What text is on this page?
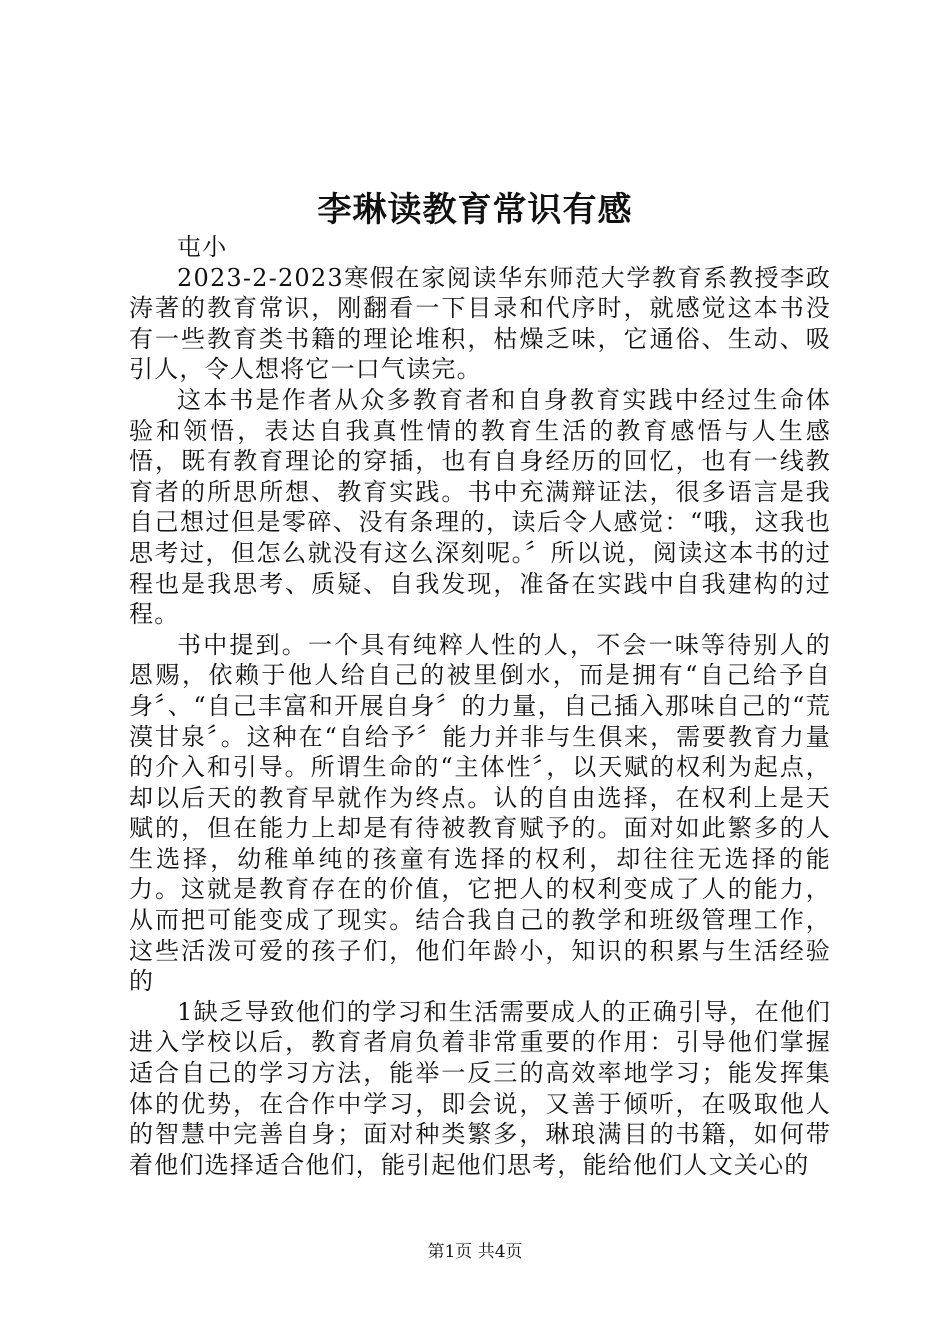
李琳读教育常识有感

屯小

2023-2-2023寒假在家阅读华东师范大学教育系教授李政涛著的教育常识，刚翻看一下目录和代序时，就感觉这本书没有一些教育类书籍的理论堆积，枯燥乏味，它通俗、生动、吸引人，令人想将它一口气读完。

这本书是作者从众多教育者和自身教育实践中经过生命体验和领悟，表达自我真性情的教育生活的教育感悟与人生感悟，既有教育理论的穿插，也有自身经历的回忆，也有一线教育者的所思所想、教育实践。书中充满辩证法，很多语言是我自己想过但是零碎、没有条理的，读后令人感觉：“哦，这我也思考过，但怎么就没有这么深刻呢。〞所以说，阅读这本书的过程也是我思考、质疑、自我发现，准备在实践中自我建构的过程。

书中提到。一个具有纯粹人性的人，不会一味等待别人的恩赐，依赖于他人给自己的被里倒水，而是拥有“自己给予自身〞、“自己丰富和开展自身〞的力量，自己插入那味自己的“荒漠甘泉〞。这种在“自给予〞能力并非与生俱来，需要教育力量的介入和引导。所谓生命的“主体性〞，以天赋的权利为起点，却以后天的教育早就作为终点。认的自由选择，在权利上是天赋的，但在能力上却是有待被教育赋予的。面对如此繁多的人生选择，幼稚单纯的孩童有选择的权利，却往往无选择的能力。这就是教育存在的价值，它把人的权利变成了人的能力，从而把可能变成了现实。结合我自己的教学和班级管理工作，这些活泼可爱的孩子们，他们年龄小，知识的积累与生活经验的

1缺乏导致他们的学习和生活需要成人的正确引导，在他们进入学校以后，教育者肩负着非常重要的作用：引导他们掌握适合自己的学习方法，能举一反三的高效率地学习；能发挥集体的优势，在合作中学习，即会说，又善于倾听，在吸取他人的智慧中完善自身；面对种类繁多，琳琅满目的书籍，如何带着他们选择适合他们，能引起他们思考，能给他们人文关心的

第1页 共4页
